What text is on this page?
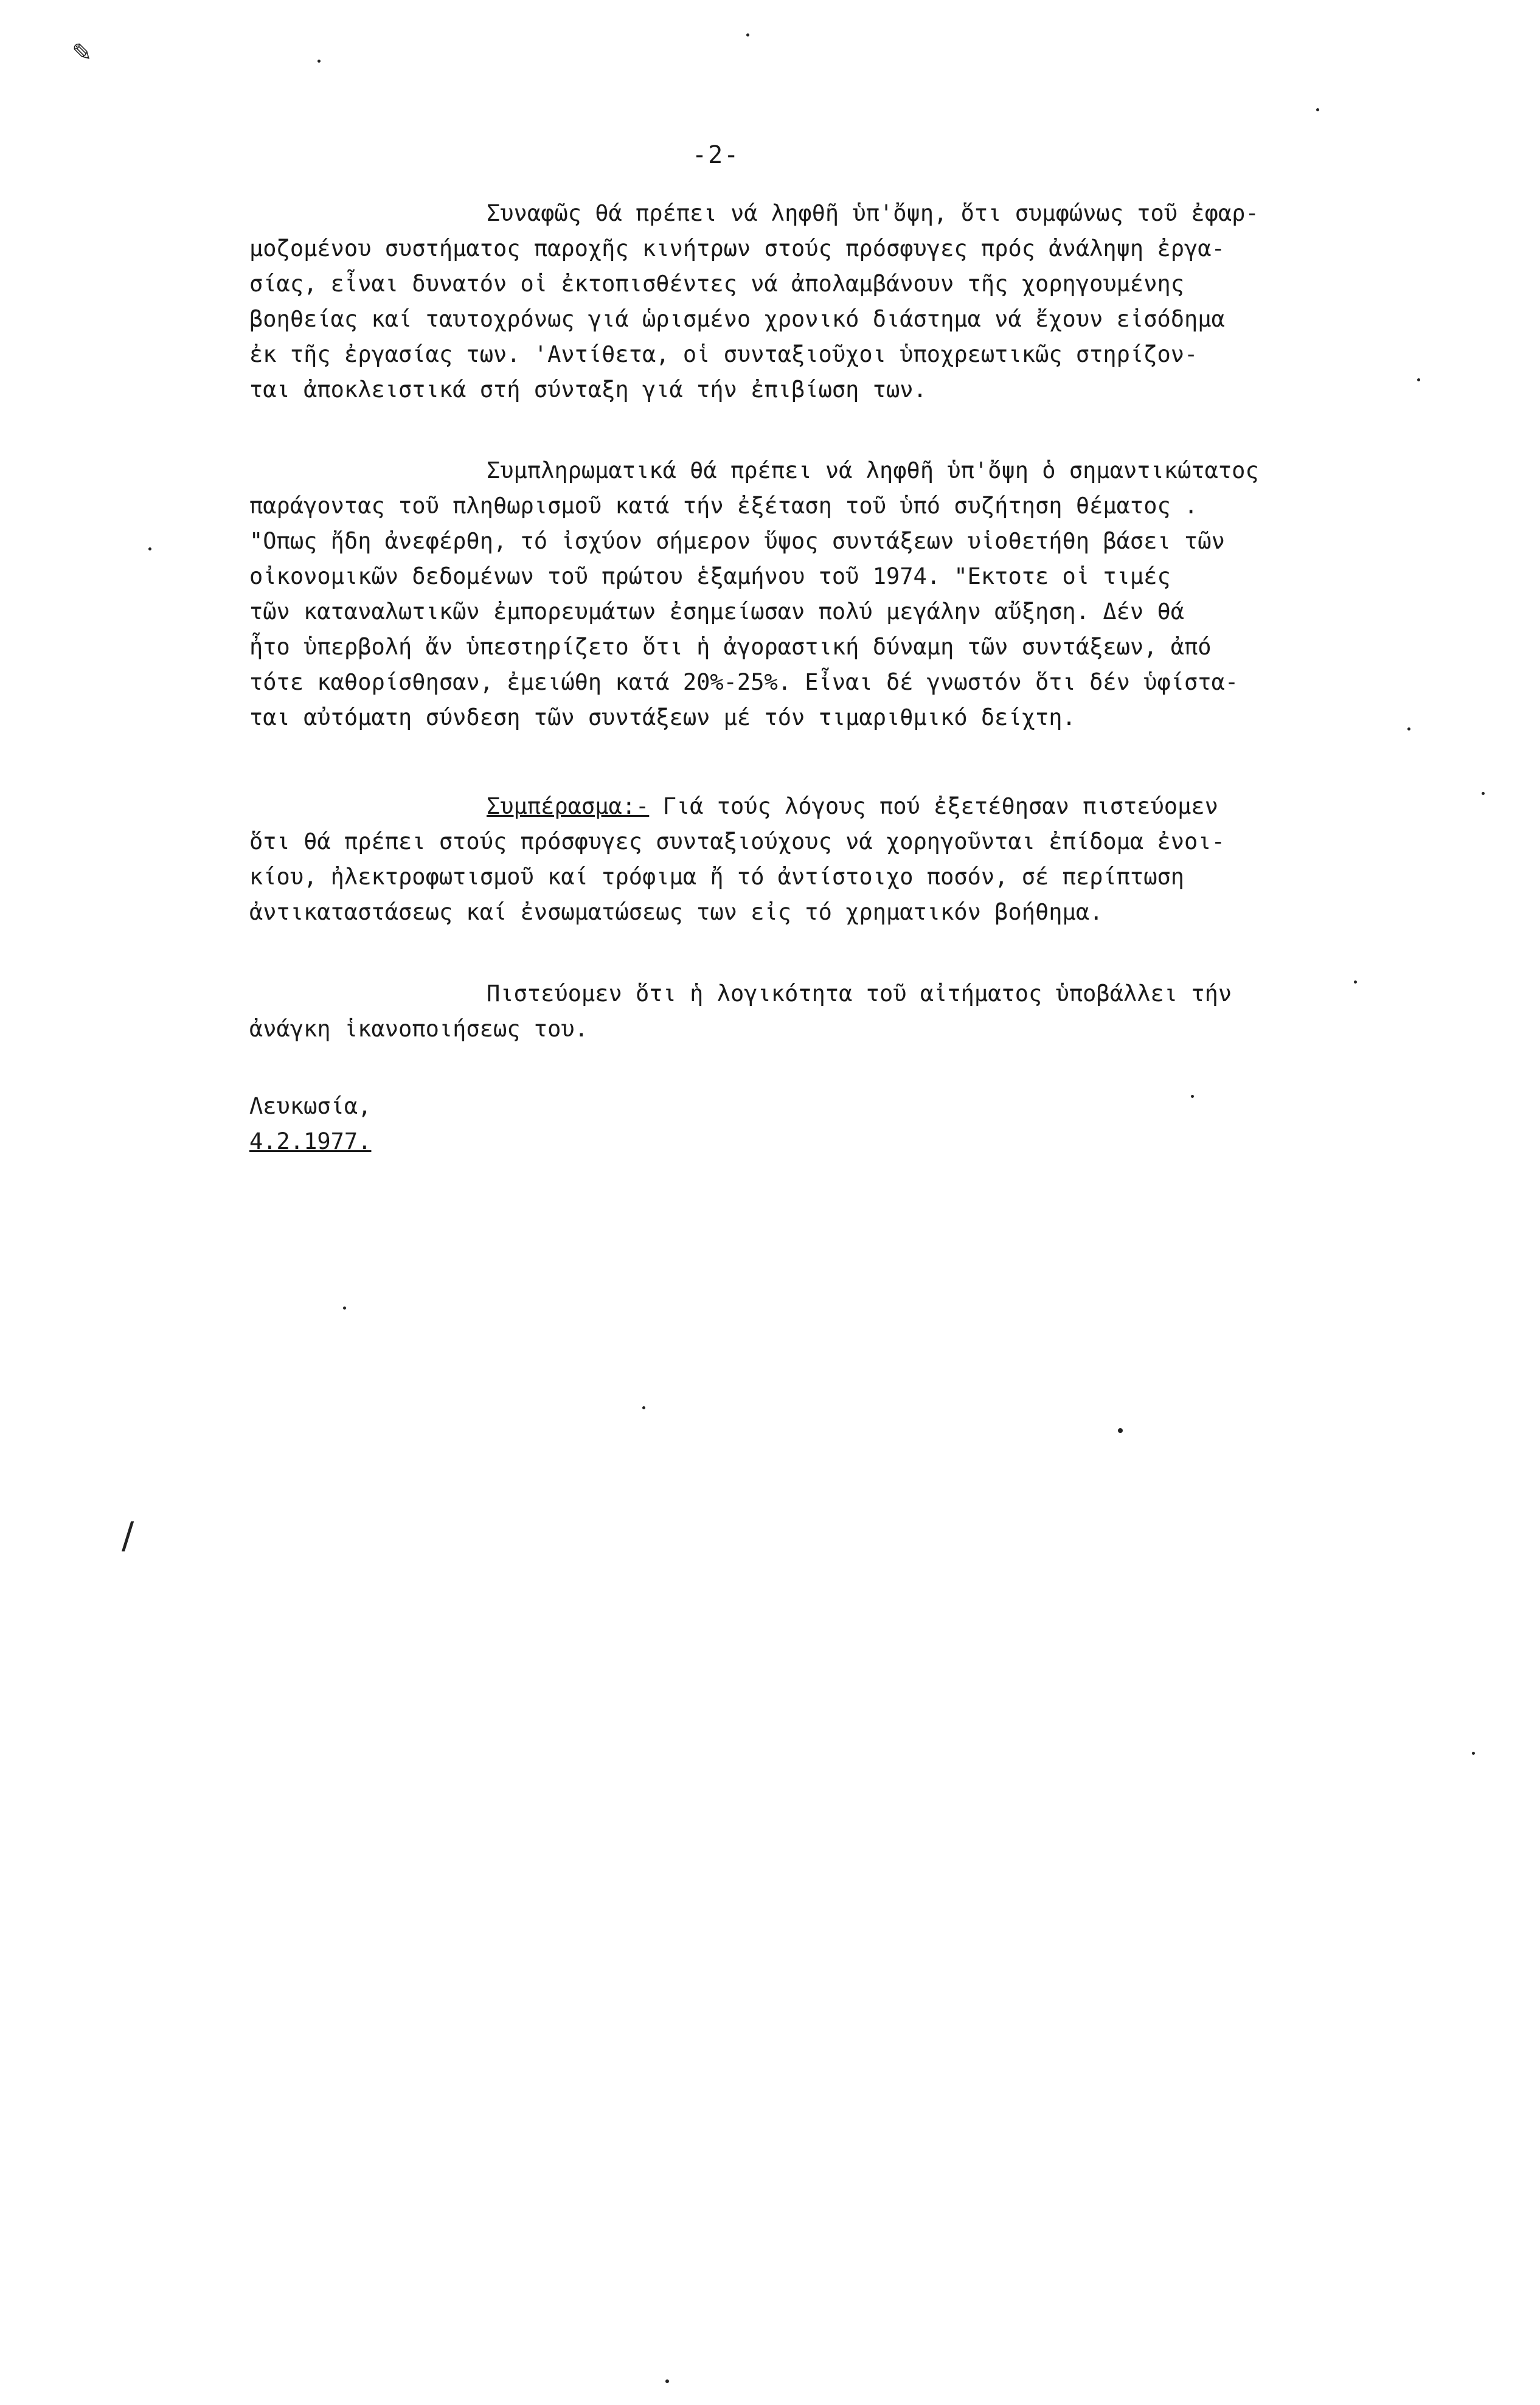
-2-
Συναφῶς θά πρέπει νά ληφθῆ ὑπ'ὄψη, ὅτι συμφώνως τοῦ ἐφαρ-
μοζομένου συστήματος παροχῆς κινήτρων στούς πρόσφυγες πρός ἀνάληψη ἐργα-
σίας, εἶναι δυνατόν οἱ ἐκτοπισθέντες νά ἀπολαμβάνουν τῆς χορηγουμένης
βοηθείας καί ταυτοχρόνως γιά ὡρισμένο χρονικό διάστημα νά ἔχουν εἰσόδημα
ἐκ τῆς ἐργασίας των. 'Αντίθετα, οἱ συνταξιοῦχοι ὑποχρεωτικῶς στηρίζον-
ται ἀποκλειστικά στή σύνταξη γιά τήν ἐπιβίωση των.
Συμπληρωματικά θά πρέπει νά ληφθῆ ὑπ'ὄψη ὁ σημαντικώτατος
παράγοντας τοῦ πληθωρισμοῦ κατά τήν ἐξέταση τοῦ ὑπό συζήτηση θέματος .
"Οπως ἤδη ἀνεφέρθη, τό ἰσχύον σήμερον ὕψος συντάξεων υἱοθετήθη βάσει τῶν
οἰκονομικῶν δεδομένων τοῦ πρώτου ἑξαμήνου τοῦ 1974. "Εκτοτε οἱ τιμές
τῶν καταναλωτικῶν ἐμπορευμάτων ἐσημείωσαν πολύ μεγάλην αὔξηση. Δέν θά
ἦτο ὑπερβολή ἄν ὑπεστηρίζετο ὅτι ἡ ἀγοραστική δύναμη τῶν συντάξεων, ἀπό
τότε καθορίσθησαν, ἐμειώθη κατά 20%-25%. Εἶναι δέ γνωστόν ὅτι δέν ὑφίστα-
ται αὐτόματη σύνδεση τῶν συντάξεων μέ τόν τιμαριθμικό δείχτη.
Συμπέρασμα:- Γιά τούς λόγους πού ἐξετέθησαν πιστεύομεν
ὅτι θά πρέπει στούς πρόσφυγες συνταξιούχους νά χορηγοῦνται ἐπίδομα ἐνοι-
κίου, ἠλεκτροφωτισμοῦ καί τρόφιμα ἤ τό ἀντίστοιχο ποσόν, σέ περίπτωση
ἀντικαταστάσεως καί ἐνσωματώσεως των εἰς τό χρηματικόν βοήθημα.
Πιστεύομεν ὅτι ἡ λογικότητα τοῦ αἰτήματος ὑποβάλλει τήν
ἀνάγκη ἱκανοποιήσεως του.
Λευκωσία,
4.2.1977.
✎
/
